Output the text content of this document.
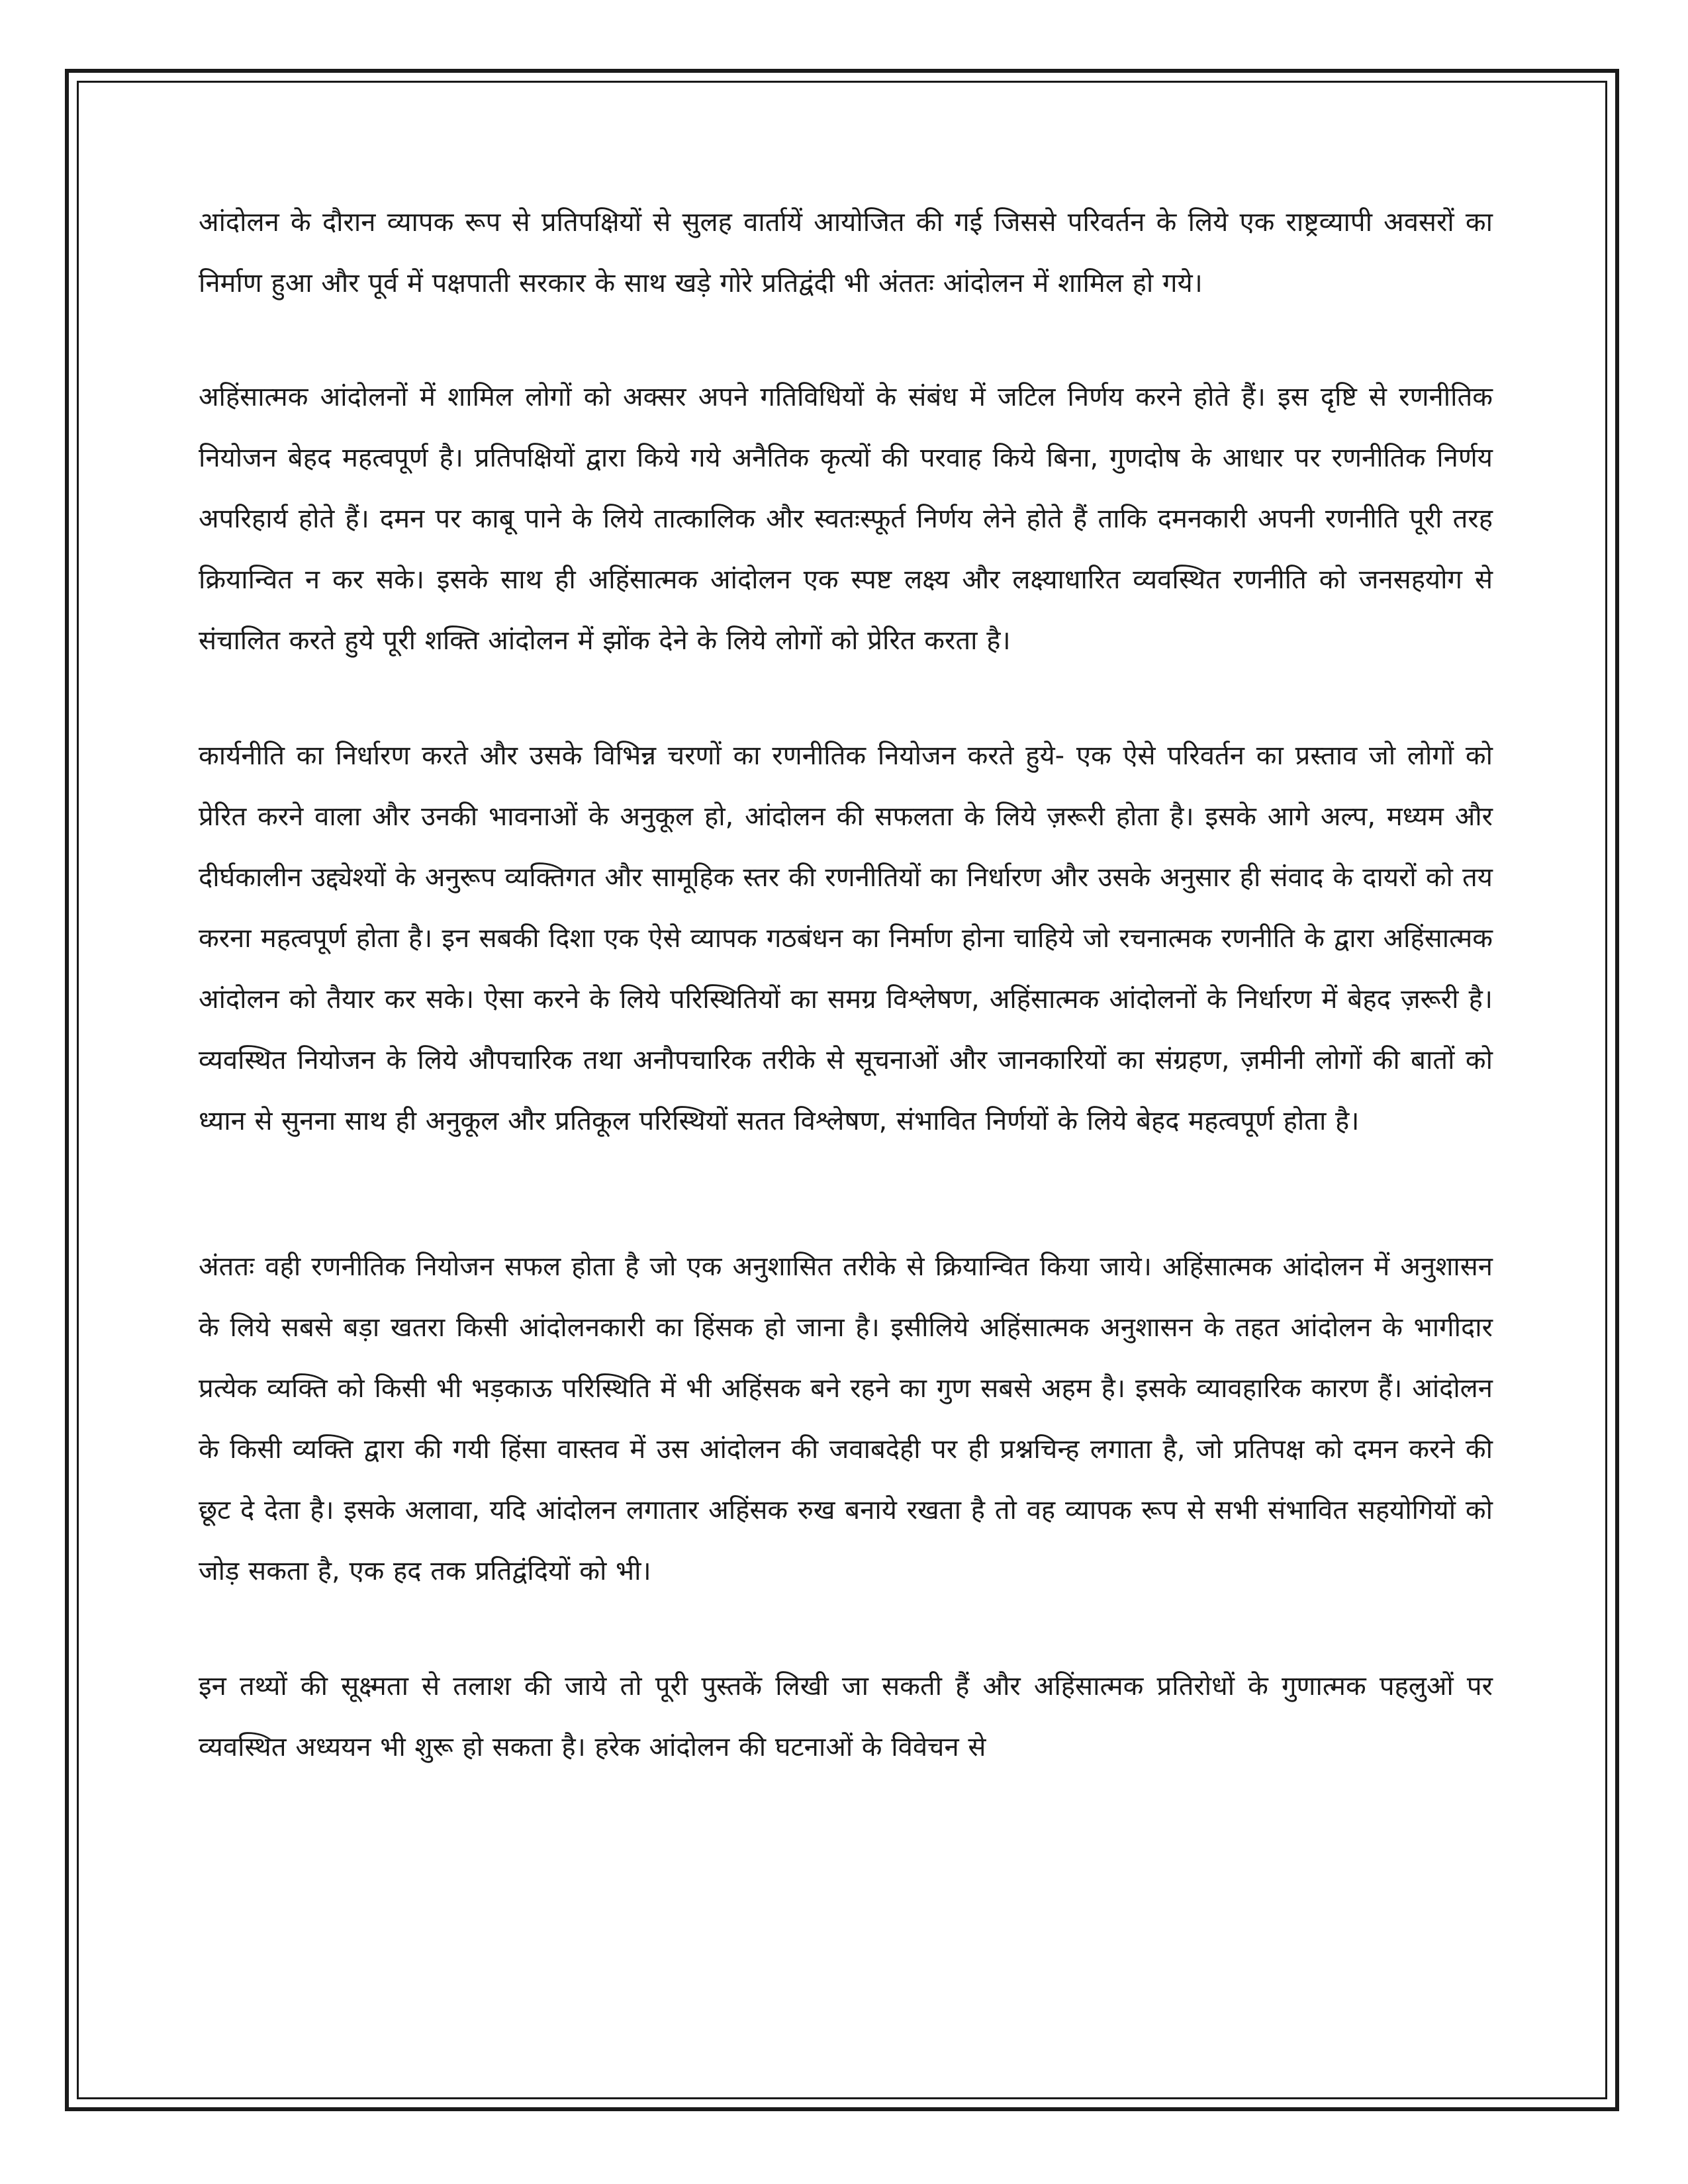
आंदोलन के दौरान व्यापक रूप से प्रतिपक्षियों से सुलह वार्तायें आयोजित की गई जिससे परिवर्तन के लिये एक राष्ट्रव्यापी अवसरों का निर्माण हुआ और पूर्व में पक्षपाती सरकार के साथ खड़े गोरे प्रतिद्वंदी भी अंततः आंदोलन में शामिल हो गये।

अहिंसात्मक आंदोलनों में शामिल लोगों को अक्सर अपने गतिविधियों के संबंध में जटिल निर्णय करने होते हैं। इस दृष्टि से रणनीतिक नियोजन बेहद महत्वपूर्ण है। प्रतिपक्षियों द्वारा किये गये अनैतिक कृत्यों की परवाह किये बिना, गुणदोष के आधार पर रणनीतिक निर्णय अपरिहार्य होते हैं। दमन पर काबू पाने के लिये तात्कालिक और स्वतःस्फूर्त निर्णय लेने होते हैं ताकि दमनकारी अपनी रणनीति पूरी तरह क्रियान्वित न कर सके। इसके साथ ही अहिंसात्मक आंदोलन एक स्पष्ट लक्ष्य और लक्ष्याधारित व्यवस्थित रणनीति को जनसहयोग से संचालित करते हुये पूरी शक्ति आंदोलन में झोंक देने के लिये लोगों को प्रेरित करता है।

कार्यनीति का निर्धारण करते और उसके विभिन्न चरणों का रणनीतिक नियोजन करते हुये- एक ऐसे परिवर्तन का प्रस्ताव जो लोगों को प्रेरित करने वाला और उनकी भावनाओं के अनुकूल हो, आंदोलन की सफलता के लिये ज़रूरी होता है। इसके आगे अल्प, मध्यम और दीर्घकालीन उद्द्येश्यों के अनुरूप व्यक्तिगत और सामूहिक स्तर की रणनीतियों का निर्धारण और उसके अनुसार ही संवाद के दायरों को तय करना महत्वपूर्ण होता है। इन सबकी दिशा एक ऐसे व्यापक गठबंधन का निर्माण होना चाहिये जो रचनात्मक रणनीति के द्वारा अहिंसात्मक आंदोलन को तैयार कर सके। ऐसा करने के लिये परिस्थितियों का समग्र विश्लेषण, अहिंसात्मक आंदोलनों के निर्धारण में बेहद ज़रूरी है। व्यवस्थित नियोजन के लिये औपचारिक तथा अनौपचारिक तरीके से सूचनाओं और जानकारियों का संग्रहण, ज़मीनी लोगों की बातों को ध्यान से सुनना साथ ही अनुकूल और प्रतिकूल परिस्थियों सतत विश्लेषण, संभावित निर्णयों के लिये बेहद महत्वपूर्ण होता है।

अंततः वही रणनीतिक नियोजन सफल होता है जो एक अनुशासित तरीके से क्रियान्वित किया जाये। अहिंसात्मक आंदोलन में अनुशासन के लिये सबसे बड़ा खतरा किसी आंदोलनकारी का हिंसक हो जाना है। इसीलिये अहिंसात्मक अनुशासन के तहत आंदोलन के भागीदार प्रत्येक व्यक्ति को किसी भी भड़काऊ परिस्थिति में भी अहिंसक बने रहने का गुण सबसे अहम है। इसके व्यावहारिक कारण हैं। आंदोलन के किसी व्यक्ति द्वारा की गयी हिंसा वास्तव में उस आंदोलन की जवाबदेही पर ही प्रश्नचिन्ह लगाता है, जो प्रतिपक्ष को दमन करने की छूट दे देता है। इसके अलावा, यदि आंदोलन लगातार अहिंसक रुख बनाये रखता है तो वह व्यापक रूप से सभी संभावित सहयोगियों को जोड़ सकता है, एक हद तक प्रतिद्वंदियों को भी।

इन तथ्यों की सूक्ष्मता से तलाश की जाये तो पूरी पुस्तकें लिखी जा सकती हैं और अहिंसात्मक प्रतिरोधों के गुणात्मक पहलुओं पर व्यवस्थित अध्ययन भी शुरू हो सकता है। हरेक आंदोलन की घटनाओं के विवेचन से
